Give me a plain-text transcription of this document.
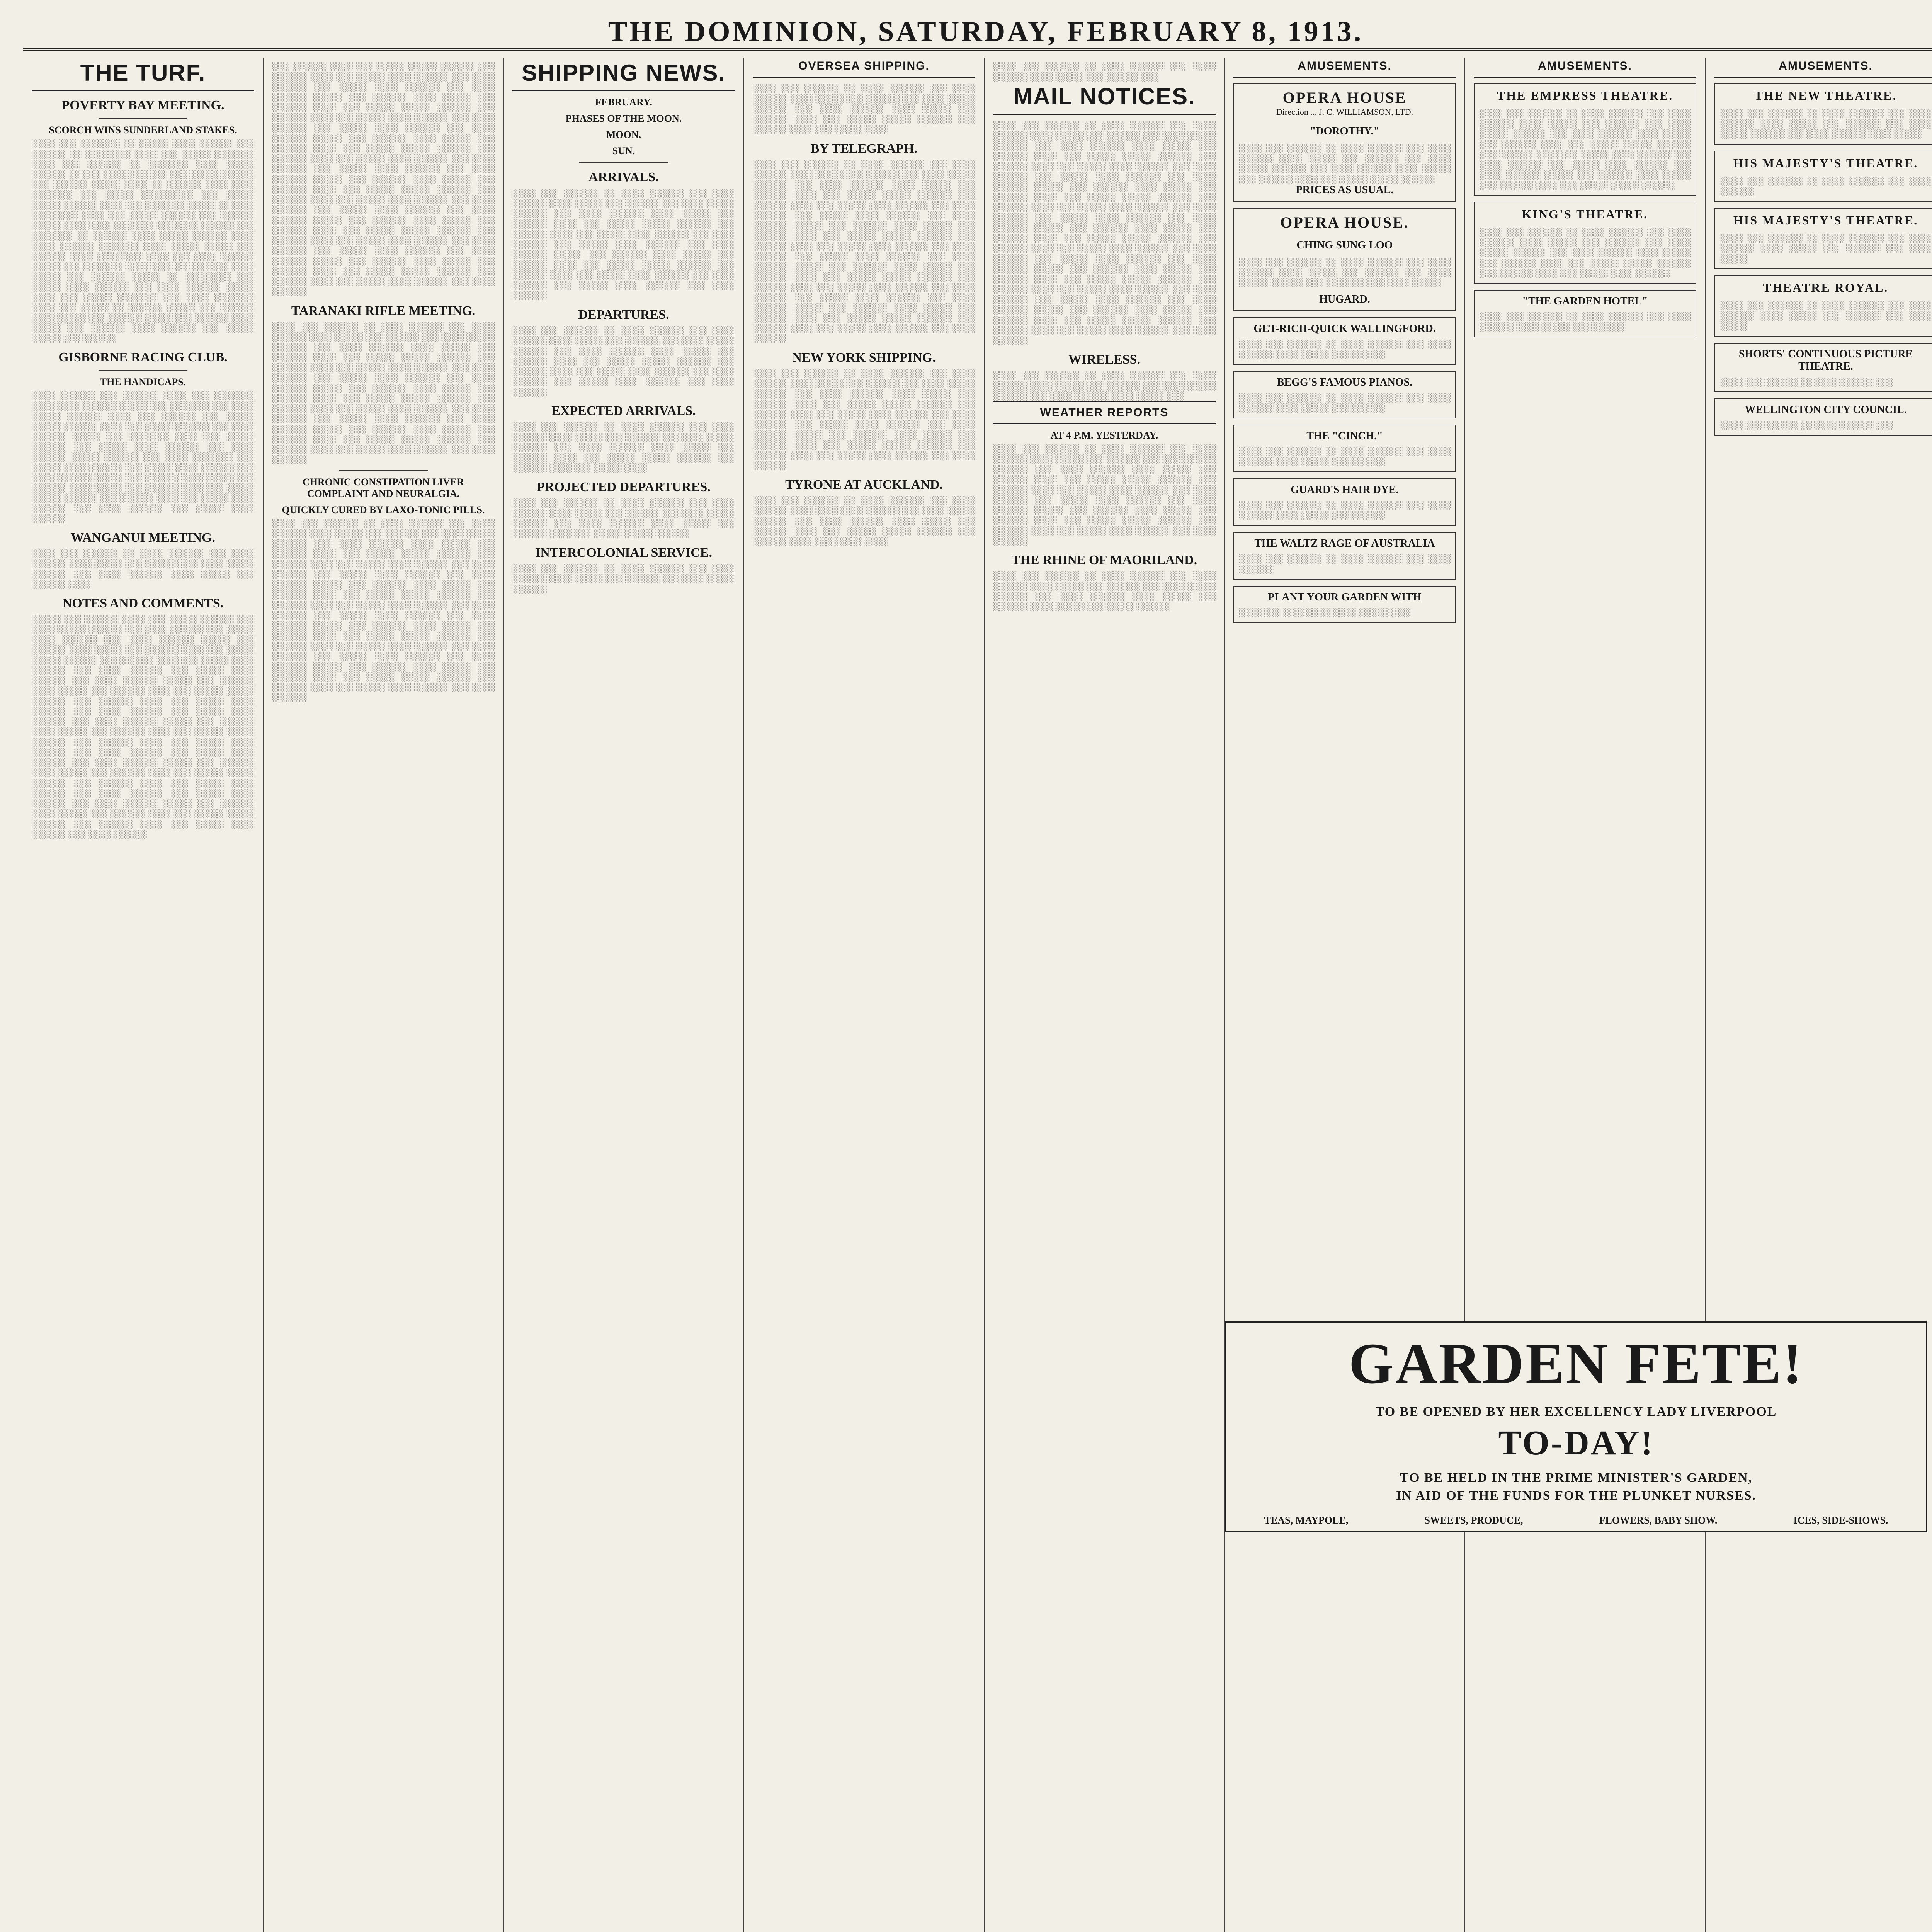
THE DOMINION, SATURDAY, FEBRUARY 8, 1913.
THE TURF.
POVERTY BAY MEETING.
SCORCH WINS SUNDERLAND STAKES.
░░░░ ░░░ ░░░░░░░ ░░ ░░░░░ ░░░░ ░░░░░░ ░░░ ░░░░░░ ░░ ░░░░░░░░ ░░░░ ░░░ ░░░░░ ░░░░░░░ ░░░░ ░░░ ░░░░░░ ░░ ░░░░░░░ ░░░░ ░░░░░ ░░░░░░ ░░ ░░░ ░░░░░░░░ ░░░ ░░░ ░░░░░ ░░░░░░ ░░░ ░░░░░░ ░░░░░ ░░░░ ░░ ░░░░░░ ░░░░ ░░░░ ░░░░░░░ ░░░ ░░░░░ ░░░░░░░░░ ░░░ ░░░░░ ░░░░░ ░░░░░░ ░░░░ ░░░ ░░░░░░░ ░░░░░ ░░ ░░░░ ░░░░░░░░ ░░░░ ░░░ ░░░░░ ░░░░░░ ░░░ ░░░░░░ ░░░░░ ░░░░ ░░░░ ░░░░░░░ ░░░ ░░░░ ░░░░░░ ░░░ ░░░░░░░ ░░ ░░░░░░ ░░░░ ░░░░░ ░░░░░░ ░░░░ ░░░░ ░░░░░░ ░░░░░░░ ░░░░ ░░░░░ ░░░░░ ░░░ ░░░░░░ ░░░░ ░░░░░░░░ ░░░░ ░░░ ░░░░ ░░░░░░ ░░░░░ ░░░ ░░░░░░░ ░░░░ ░░░░ ░░ ░░░░░░░ ░░░░ ░░░░░ ░░░ ░░░░░░ ░░░░░ ░░ ░░░░░░░░ ░░░ ░░░░░ ░░░░ ░░░░░░ ░░░ ░░░░ ░░░░░░ ░░░░░ ░░░░ ░░░ ░░░░░ ░░░░░░░ ░░░ ░░░░ ░░░░░░░ ░░░░ ░░░ ░░░░░ ░░ ░░░░░░ ░░░░░ ░░░ ░░░░░░ ░░░░ ░░░░░ ░░░ ░░░░░░ ░░░░░ ░░░ ░░░░░░ ░░░░ ░░░░░ ░░░ ░░░░░░ ░░░░ ░░░░░░ ░░░ ░░░░░ ░░░░░ ░░░ ░░░░░░
GISBORNE RACING CLUB.
THE HANDICAPS.
░░░░ ░░░░░░ ░░░ ░░░░░░ ░░░░ ░░░ ░░░░░░░ ░░░░ ░░░░ ░░░░░░ ░░░░░ ░░░ ░░░░░░░ ░░░ ░░░░ ░░░░░ ░░░░░░ ░░░░ ░░░ ░░░░░░ ░░░ ░░░░░ ░░░░░ ░░░░░░ ░░░░ ░░░ ░░░░░ ░░░░░░ ░░░ ░░░░ ░░░░░░ ░░░░░ ░░░ ░░░░░░░ ░░░░ ░░░ ░░░░░ ░░░░░░ ░░░ ░░░░░ ░░░░ ░░░░░░ ░░░ ░░░░ ░░░░░░ ░░░░░ ░░░░░░ ░░░ ░░░░ ░░░░░░░ ░░░ ░░░░░ ░░░░ ░░░░░░ ░░░ ░░░░░ ░░░░ ░░░░░░ ░░░ ░░░░ ░░░░░░ ░░░░░ ░░░ ░░░░░░ ░░░░ ░░░░░ ░░░ ░░░░░░ ░░░░ ░░░░░ ░░░ ░░░░░░ ░░░░ ░░░ ░░░░░ ░░░░░ ░░░░░░ ░░░ ░░░░░░ ░░░░ ░░░ ░░░░░ ░░░░ ░░░░░░ ░░░ ░░░░ ░░░░░░ ░░░ ░░░░░ ░░░░ ░░░░░░
WANGANUI MEETING.
░░░░ ░░░ ░░░░░░ ░░ ░░░░ ░░░░░░ ░░░ ░░░░ ░░░░░░ ░░░░ ░░░░░ ░░░ ░░░░░░ ░░░ ░░░░ ░░░░░ ░░░░░░ ░░░ ░░░░ ░░░░░░ ░░░░ ░░░░░ ░░░ ░░░░░░ ░░░░
NOTES AND COMMENTS.
░░░░░ ░░░ ░░░░░░ ░░░░ ░░░ ░░░░░ ░░░░░░ ░░░ ░░░░ ░░░░░ ░░░░░░ ░░░ ░░░░ ░░░░░░ ░░░ ░░░░░ ░░░░ ░░░░░░ ░░░ ░░░░ ░░░░░░ ░░░░░ ░░░ ░░░░░░ ░░░░ ░░░░░ ░░░ ░░░░░░ ░░░░ ░░░ ░░░░░ ░░░░░ ░░░░░░ ░░░ ░░░░░░ ░░░░ ░░░ ░░░░░ ░░░░ ░░░░░░ ░░░ ░░░░ ░░░░░░ ░░░ ░░░░░ ░░░░ ░░░░░░ ░░░ ░░░░ ░░░░░░ ░░░░░ ░░░ ░░░░░░ ░░░░ ░░░░░ ░░░ ░░░░░░ ░░░░ ░░░ ░░░░░ ░░░░░ ░░░░░░ ░░░ ░░░░░░ ░░░░ ░░░ ░░░░░ ░░░░ ░░░░░░ ░░░ ░░░░ ░░░░░░ ░░░ ░░░░░ ░░░░ ░░░░░░ ░░░ ░░░░ ░░░░░░ ░░░░░ ░░░ ░░░░░░ ░░░░ ░░░░░ ░░░ ░░░░░░ ░░░░ ░░░ ░░░░░ ░░░░░ ░░░░░░ ░░░ ░░░░░░ ░░░░ ░░░ ░░░░░ ░░░░ ░░░░░░ ░░░ ░░░░ ░░░░░░ ░░░ ░░░░░ ░░░░ ░░░░░░ ░░░ ░░░░ ░░░░░░ ░░░░░ ░░░ ░░░░░░ ░░░░ ░░░░░ ░░░ ░░░░░░ ░░░░ ░░░ ░░░░░ ░░░░░ ░░░░░░ ░░░ ░░░░░░ ░░░░ ░░░ ░░░░░ ░░░░ ░░░░░░ ░░░ ░░░░ ░░░░░░ ░░░ ░░░░░ ░░░░ ░░░░░░ ░░░ ░░░░ ░░░░░░ ░░░░░ ░░░ ░░░░░░ ░░░░ ░░░░░ ░░░ ░░░░░░ ░░░░ ░░░ ░░░░░ ░░░░░ ░░░░░░ ░░░ ░░░░░░ ░░░░ ░░░ ░░░░░ ░░░░ ░░░░░░ ░░░ ░░░░ ░░░░░░
░░░ ░░░░░░ ░░░░ ░░░ ░░░░░ ░░░░░ ░░░░░░ ░░░ ░░░░░░ ░░░░ ░░░ ░░░░░ ░░░░ ░░░░░░ ░░░ ░░░░ ░░░░░░ ░░░ ░░░░░ ░░░░ ░░░░░░ ░░░ ░░░░ ░░░░░░ ░░░░░ ░░░ ░░░░░░ ░░░░ ░░░░░ ░░░ ░░░░░░ ░░░░ ░░░ ░░░░░ ░░░░░ ░░░░░░ ░░░ ░░░░░░ ░░░░ ░░░ ░░░░░ ░░░░ ░░░░░░ ░░░ ░░░░ ░░░░░░ ░░░ ░░░░░ ░░░░ ░░░░░░ ░░░ ░░░░ ░░░░░░ ░░░░░ ░░░ ░░░░░░ ░░░░ ░░░░░ ░░░ ░░░░░░ ░░░░ ░░░ ░░░░░ ░░░░░ ░░░░░░ ░░░ ░░░░░░ ░░░░ ░░░ ░░░░░ ░░░░ ░░░░░░ ░░░ ░░░░ ░░░░░░ ░░░ ░░░░░ ░░░░ ░░░░░░ ░░░ ░░░░ ░░░░░░ ░░░░░ ░░░ ░░░░░░ ░░░░ ░░░░░ ░░░ ░░░░░░ ░░░░ ░░░ ░░░░░ ░░░░░ ░░░░░░ ░░░ ░░░░░░ ░░░░ ░░░ ░░░░░ ░░░░ ░░░░░░ ░░░ ░░░░ ░░░░░░ ░░░ ░░░░░ ░░░░ ░░░░░░ ░░░ ░░░░ ░░░░░░ ░░░░░ ░░░ ░░░░░░ ░░░░ ░░░░░ ░░░ ░░░░░░ ░░░░ ░░░ ░░░░░ ░░░░░ ░░░░░░ ░░░ ░░░░░░ ░░░░ ░░░ ░░░░░ ░░░░ ░░░░░░ ░░░ ░░░░ ░░░░░░ ░░░ ░░░░░ ░░░░ ░░░░░░ ░░░ ░░░░ ░░░░░░ ░░░░░ ░░░ ░░░░░░ ░░░░ ░░░░░ ░░░ ░░░░░░ ░░░░ ░░░ ░░░░░ ░░░░░ ░░░░░░ ░░░ ░░░░░░ ░░░░ ░░░ ░░░░░ ░░░░ ░░░░░░ ░░░ ░░░░ ░░░░░░
TARANAKI RIFLE MEETING.
░░░░ ░░░ ░░░░░░ ░░ ░░░░ ░░░░░░ ░░░ ░░░░ ░░░░░░ ░░░░ ░░░░░ ░░░ ░░░░░░ ░░░ ░░░░ ░░░░░ ░░░░░░ ░░░ ░░░░ ░░░░░░ ░░░░ ░░░░░ ░░░ ░░░░░░ ░░░░ ░░░ ░░░░░ ░░░░░ ░░░░░░ ░░░ ░░░░░░ ░░░░ ░░░ ░░░░░ ░░░░ ░░░░░░ ░░░ ░░░░ ░░░░░░ ░░░ ░░░░░ ░░░░ ░░░░░░ ░░░ ░░░░ ░░░░░░ ░░░░░ ░░░ ░░░░░░ ░░░░ ░░░░░ ░░░ ░░░░░░ ░░░░ ░░░ ░░░░░ ░░░░░ ░░░░░░ ░░░ ░░░░░░ ░░░░ ░░░ ░░░░░ ░░░░ ░░░░░░ ░░░ ░░░░ ░░░░░░ ░░░ ░░░░░ ░░░░ ░░░░░░ ░░░ ░░░░ ░░░░░░ ░░░░░ ░░░ ░░░░░░ ░░░░ ░░░░░ ░░░ ░░░░░░ ░░░░ ░░░ ░░░░░ ░░░░░ ░░░░░░ ░░░ ░░░░░░ ░░░░ ░░░ ░░░░░ ░░░░ ░░░░░░ ░░░ ░░░░ ░░░░░░
CHRONIC CONSTIPATION LIVER COMPLAINT AND NEURALGIA.
QUICKLY CURED BY LAXO-TONIC PILLS.
░░░░ ░░░ ░░░░░░ ░░ ░░░░ ░░░░░░ ░░░ ░░░░ ░░░░░░ ░░░░ ░░░░░ ░░░ ░░░░░░ ░░░ ░░░░ ░░░░░ ░░░░░░ ░░░ ░░░░ ░░░░░░ ░░░░ ░░░░░ ░░░ ░░░░░░ ░░░░ ░░░ ░░░░░ ░░░░░ ░░░░░░ ░░░ ░░░░░░ ░░░░ ░░░ ░░░░░ ░░░░ ░░░░░░ ░░░ ░░░░ ░░░░░░ ░░░ ░░░░░ ░░░░ ░░░░░░ ░░░ ░░░░ ░░░░░░ ░░░░░ ░░░ ░░░░░░ ░░░░ ░░░░░ ░░░ ░░░░░░ ░░░░ ░░░ ░░░░░ ░░░░░ ░░░░░░ ░░░ ░░░░░░ ░░░░ ░░░ ░░░░░ ░░░░ ░░░░░░ ░░░ ░░░░ ░░░░░░ ░░░ ░░░░░ ░░░░ ░░░░░░ ░░░ ░░░░ ░░░░░░ ░░░░░ ░░░ ░░░░░░ ░░░░ ░░░░░ ░░░ ░░░░░░ ░░░░ ░░░ ░░░░░ ░░░░░ ░░░░░░ ░░░ ░░░░░░ ░░░░ ░░░ ░░░░░ ░░░░ ░░░░░░ ░░░ ░░░░ ░░░░░░ ░░░ ░░░░░ ░░░░ ░░░░░░ ░░░ ░░░░ ░░░░░░ ░░░░░ ░░░ ░░░░░░ ░░░░ ░░░░░ ░░░ ░░░░░░ ░░░░ ░░░ ░░░░░ ░░░░░ ░░░░░░ ░░░ ░░░░░░ ░░░░ ░░░ ░░░░░ ░░░░ ░░░░░░ ░░░ ░░░░ ░░░░░░
SHIPPING NEWS.
FEBRUARY.
PHASES OF THE MOON.
MOON.
SUN.
ARRIVALS.
░░░░ ░░░ ░░░░░░ ░░ ░░░░ ░░░░░░ ░░░ ░░░░ ░░░░░░ ░░░░ ░░░░░ ░░░ ░░░░░░ ░░░ ░░░░ ░░░░░ ░░░░░░ ░░░ ░░░░ ░░░░░░ ░░░░ ░░░░░ ░░░ ░░░░░░ ░░░░ ░░░ ░░░░░ ░░░░░ ░░░░░░ ░░░ ░░░░░░ ░░░░ ░░░ ░░░░░ ░░░░ ░░░░░░ ░░░ ░░░░ ░░░░░░ ░░░ ░░░░░ ░░░░ ░░░░░░ ░░░ ░░░░ ░░░░░░ ░░░░░ ░░░ ░░░░░░ ░░░░ ░░░░░ ░░░ ░░░░░░ ░░░░ ░░░ ░░░░░ ░░░░░ ░░░░░░ ░░░ ░░░░░░ ░░░░ ░░░ ░░░░░ ░░░░ ░░░░░░ ░░░ ░░░░ ░░░░░░ ░░░ ░░░░░ ░░░░ ░░░░░░ ░░░ ░░░░ ░░░░░░
DEPARTURES.
░░░░ ░░░ ░░░░░░ ░░ ░░░░ ░░░░░░ ░░░ ░░░░ ░░░░░░ ░░░░ ░░░░░ ░░░ ░░░░░░ ░░░ ░░░░ ░░░░░ ░░░░░░ ░░░ ░░░░ ░░░░░░ ░░░░ ░░░░░ ░░░ ░░░░░░ ░░░░ ░░░ ░░░░░ ░░░░░ ░░░░░░ ░░░ ░░░░░░ ░░░░ ░░░ ░░░░░ ░░░░ ░░░░░░ ░░░ ░░░░ ░░░░░░ ░░░ ░░░░░ ░░░░ ░░░░░░ ░░░ ░░░░ ░░░░░░
EXPECTED ARRIVALS.
░░░░ ░░░ ░░░░░░ ░░ ░░░░ ░░░░░░ ░░░ ░░░░ ░░░░░░ ░░░░ ░░░░░ ░░░ ░░░░░░ ░░░ ░░░░ ░░░░░ ░░░░░░ ░░░ ░░░░ ░░░░░░ ░░░░ ░░░░░ ░░░ ░░░░░░ ░░░░ ░░░ ░░░░░ ░░░░░ ░░░░░░ ░░░ ░░░░░░ ░░░░ ░░░ ░░░░░ ░░░░
PROJECTED DEPARTURES.
░░░░ ░░░ ░░░░░░ ░░ ░░░░ ░░░░░░ ░░░ ░░░░ ░░░░░░ ░░░░ ░░░░░ ░░░ ░░░░░░ ░░░ ░░░░ ░░░░░ ░░░░░░ ░░░ ░░░░ ░░░░░░ ░░░░ ░░░░░ ░░░ ░░░░░░ ░░░░ ░░░ ░░░░░ ░░░░░ ░░░░░░
INTERCOLONIAL SERVICE.
░░░░ ░░░ ░░░░░░ ░░ ░░░░ ░░░░░░ ░░░ ░░░░ ░░░░░░ ░░░░ ░░░░░ ░░░ ░░░░░░ ░░░ ░░░░ ░░░░░ ░░░░░░
OVERSEA SHIPPING.
░░░░ ░░░ ░░░░░░ ░░ ░░░░ ░░░░░░ ░░░ ░░░░ ░░░░░░ ░░░░ ░░░░░ ░░░ ░░░░░░ ░░░ ░░░░ ░░░░░ ░░░░░░ ░░░ ░░░░ ░░░░░░ ░░░░ ░░░░░ ░░░ ░░░░░░ ░░░░ ░░░ ░░░░░ ░░░░░ ░░░░░░ ░░░ ░░░░░░ ░░░░ ░░░ ░░░░░ ░░░░
BY TELEGRAPH.
░░░░ ░░░ ░░░░░░ ░░ ░░░░ ░░░░░░ ░░░ ░░░░ ░░░░░░ ░░░░ ░░░░░ ░░░ ░░░░░░ ░░░ ░░░░ ░░░░░ ░░░░░░ ░░░ ░░░░ ░░░░░░ ░░░░ ░░░░░ ░░░ ░░░░░░ ░░░░ ░░░ ░░░░░ ░░░░░ ░░░░░░ ░░░ ░░░░░░ ░░░░ ░░░ ░░░░░ ░░░░ ░░░░░░ ░░░ ░░░░ ░░░░░░ ░░░ ░░░░░ ░░░░ ░░░░░░ ░░░ ░░░░ ░░░░░░ ░░░░░ ░░░ ░░░░░░ ░░░░ ░░░░░ ░░░ ░░░░░░ ░░░░ ░░░ ░░░░░ ░░░░░ ░░░░░░ ░░░ ░░░░░░ ░░░░ ░░░ ░░░░░ ░░░░ ░░░░░░ ░░░ ░░░░ ░░░░░░ ░░░ ░░░░░ ░░░░ ░░░░░░ ░░░ ░░░░ ░░░░░░ ░░░░░ ░░░ ░░░░░░ ░░░░ ░░░░░ ░░░ ░░░░░░ ░░░░ ░░░ ░░░░░ ░░░░░ ░░░░░░ ░░░ ░░░░░░ ░░░░ ░░░ ░░░░░ ░░░░ ░░░░░░ ░░░ ░░░░ ░░░░░░ ░░░ ░░░░░ ░░░░ ░░░░░░ ░░░ ░░░░ ░░░░░░ ░░░░░ ░░░ ░░░░░░ ░░░░ ░░░░░ ░░░ ░░░░░░ ░░░░ ░░░ ░░░░░ ░░░░░ ░░░░░░ ░░░ ░░░░░░ ░░░░ ░░░ ░░░░░ ░░░░ ░░░░░░ ░░░ ░░░░ ░░░░░░
NEW YORK SHIPPING.
░░░░ ░░░ ░░░░░░ ░░ ░░░░ ░░░░░░ ░░░ ░░░░ ░░░░░░ ░░░░ ░░░░░ ░░░ ░░░░░░ ░░░ ░░░░ ░░░░░ ░░░░░░ ░░░ ░░░░ ░░░░░░ ░░░░ ░░░░░ ░░░ ░░░░░░ ░░░░ ░░░ ░░░░░ ░░░░░ ░░░░░░ ░░░ ░░░░░░ ░░░░ ░░░ ░░░░░ ░░░░ ░░░░░░ ░░░ ░░░░ ░░░░░░ ░░░ ░░░░░ ░░░░ ░░░░░░ ░░░ ░░░░ ░░░░░░ ░░░░░ ░░░ ░░░░░░ ░░░░ ░░░░░ ░░░ ░░░░░░ ░░░░ ░░░ ░░░░░ ░░░░░ ░░░░░░ ░░░ ░░░░░░ ░░░░ ░░░ ░░░░░ ░░░░ ░░░░░░ ░░░ ░░░░ ░░░░░░
TYRONE AT AUCKLAND.
░░░░ ░░░ ░░░░░░ ░░ ░░░░ ░░░░░░ ░░░ ░░░░ ░░░░░░ ░░░░ ░░░░░ ░░░ ░░░░░░ ░░░ ░░░░ ░░░░░ ░░░░░░ ░░░ ░░░░ ░░░░░░ ░░░░ ░░░░░ ░░░ ░░░░░░ ░░░░ ░░░ ░░░░░ ░░░░░ ░░░░░░ ░░░ ░░░░░░ ░░░░ ░░░ ░░░░░ ░░░░
░░░░ ░░░ ░░░░░░ ░░ ░░░░ ░░░░░░ ░░░ ░░░░ ░░░░░░ ░░░░ ░░░░░ ░░░ ░░░░░░ ░░░
MAIL NOTICES.
░░░░ ░░░ ░░░░░░ ░░ ░░░░ ░░░░░░ ░░░ ░░░░ ░░░░░░ ░░░░ ░░░░░ ░░░ ░░░░░░ ░░░ ░░░░ ░░░░░ ░░░░░░ ░░░ ░░░░ ░░░░░░ ░░░░ ░░░░░ ░░░ ░░░░░░ ░░░░ ░░░ ░░░░░ ░░░░░ ░░░░░░ ░░░ ░░░░░░ ░░░░ ░░░ ░░░░░ ░░░░ ░░░░░░ ░░░ ░░░░ ░░░░░░ ░░░ ░░░░░ ░░░░ ░░░░░░ ░░░ ░░░░ ░░░░░░ ░░░░░ ░░░ ░░░░░░ ░░░░ ░░░░░ ░░░ ░░░░░░ ░░░░ ░░░ ░░░░░ ░░░░░ ░░░░░░ ░░░ ░░░░░░ ░░░░ ░░░ ░░░░░ ░░░░ ░░░░░░ ░░░ ░░░░ ░░░░░░ ░░░ ░░░░░ ░░░░ ░░░░░░ ░░░ ░░░░ ░░░░░░ ░░░░░ ░░░ ░░░░░░ ░░░░ ░░░░░ ░░░ ░░░░░░ ░░░░ ░░░ ░░░░░ ░░░░░ ░░░░░░ ░░░ ░░░░░░ ░░░░ ░░░ ░░░░░ ░░░░ ░░░░░░ ░░░ ░░░░ ░░░░░░ ░░░ ░░░░░ ░░░░ ░░░░░░ ░░░ ░░░░ ░░░░░░ ░░░░░ ░░░ ░░░░░░ ░░░░ ░░░░░ ░░░ ░░░░░░ ░░░░ ░░░ ░░░░░ ░░░░░ ░░░░░░ ░░░ ░░░░░░ ░░░░ ░░░ ░░░░░ ░░░░ ░░░░░░ ░░░ ░░░░ ░░░░░░ ░░░ ░░░░░ ░░░░ ░░░░░░ ░░░ ░░░░ ░░░░░░ ░░░░░ ░░░ ░░░░░░ ░░░░ ░░░░░ ░░░ ░░░░░░ ░░░░ ░░░ ░░░░░ ░░░░░ ░░░░░░ ░░░ ░░░░░░ ░░░░ ░░░ ░░░░░ ░░░░ ░░░░░░ ░░░ ░░░░ ░░░░░░
WIRELESS.
░░░░ ░░░ ░░░░░░ ░░ ░░░░ ░░░░░░ ░░░ ░░░░ ░░░░░░ ░░░░ ░░░░░ ░░░ ░░░░░░ ░░░ ░░░░ ░░░░░ ░░░░░░ ░░░ ░░░░ ░░░░░░ ░░░░ ░░░░░ ░░░
WEATHER REPORTS
AT 4 P.M. YESTERDAY.
░░░░ ░░░ ░░░░░░ ░░ ░░░░ ░░░░░░ ░░░ ░░░░ ░░░░░░ ░░░░ ░░░░░ ░░░ ░░░░░░ ░░░ ░░░░ ░░░░░ ░░░░░░ ░░░ ░░░░ ░░░░░░ ░░░░ ░░░░░ ░░░ ░░░░░░ ░░░░ ░░░ ░░░░░ ░░░░░ ░░░░░░ ░░░ ░░░░░░ ░░░░ ░░░ ░░░░░ ░░░░ ░░░░░░ ░░░ ░░░░ ░░░░░░ ░░░ ░░░░░ ░░░░ ░░░░░░ ░░░ ░░░░ ░░░░░░ ░░░░░ ░░░ ░░░░░░ ░░░░ ░░░░░ ░░░ ░░░░░░ ░░░░ ░░░ ░░░░░ ░░░░░ ░░░░░░ ░░░ ░░░░░░ ░░░░ ░░░ ░░░░░ ░░░░ ░░░░░░ ░░░ ░░░░ ░░░░░░
THE RHINE OF MAORILAND.
░░░░ ░░░ ░░░░░░ ░░ ░░░░ ░░░░░░ ░░░ ░░░░ ░░░░░░ ░░░░ ░░░░░ ░░░ ░░░░░░ ░░░ ░░░░ ░░░░░ ░░░░░░ ░░░ ░░░░ ░░░░░░ ░░░░ ░░░░░ ░░░ ░░░░░░ ░░░░ ░░░ ░░░░░ ░░░░░ ░░░░░░
AMUSEMENTS.
OPERA HOUSE
Direction ... J. C. WILLIAMSON, LTD.
"DOROTHY."
░░░░ ░░░ ░░░░░░ ░░ ░░░░ ░░░░░░ ░░░ ░░░░ ░░░░░░ ░░░░ ░░░░░ ░░░ ░░░░░░ ░░░ ░░░░ ░░░░░ ░░░░░░ ░░░ ░░░░ ░░░░░░ ░░░░ ░░░░░ ░░░ ░░░░░░ ░░░░ ░░░ ░░░░░ ░░░░░ ░░░░░░
PRICES AS USUAL.
OPERA HOUSE.
CHING SUNG LOO
░░░░ ░░░ ░░░░░░ ░░ ░░░░ ░░░░░░ ░░░ ░░░░ ░░░░░░ ░░░░ ░░░░░ ░░░ ░░░░░░ ░░░ ░░░░ ░░░░░ ░░░░░░ ░░░ ░░░░ ░░░░░░ ░░░░ ░░░░░
HUGARD.
GET-RICH-QUICK WALLINGFORD.
░░░░ ░░░ ░░░░░░ ░░ ░░░░ ░░░░░░ ░░░ ░░░░ ░░░░░░ ░░░░ ░░░░░ ░░░ ░░░░░░
BEGG'S FAMOUS PIANOS.
░░░░ ░░░ ░░░░░░ ░░ ░░░░ ░░░░░░ ░░░ ░░░░ ░░░░░░ ░░░░ ░░░░░ ░░░ ░░░░░░
THE "CINCH."
░░░░ ░░░ ░░░░░░ ░░ ░░░░ ░░░░░░ ░░░ ░░░░ ░░░░░░ ░░░░ ░░░░░ ░░░ ░░░░░░
GUARD'S HAIR DYE.
░░░░ ░░░ ░░░░░░ ░░ ░░░░ ░░░░░░ ░░░ ░░░░ ░░░░░░ ░░░░ ░░░░░ ░░░ ░░░░░░
THE WALTZ RAGE OF AUSTRALIA
░░░░ ░░░ ░░░░░░ ░░ ░░░░ ░░░░░░ ░░░ ░░░░ ░░░░░░
PLANT YOUR GARDEN WITH
░░░░ ░░░ ░░░░░░ ░░ ░░░░ ░░░░░░ ░░░
AMUSEMENTS.
THE EMPRESS THEATRE.
░░░░ ░░░ ░░░░░░ ░░ ░░░░ ░░░░░░ ░░░ ░░░░ ░░░░░░ ░░░░ ░░░░░ ░░░ ░░░░░░ ░░░ ░░░░ ░░░░░ ░░░░░░ ░░░ ░░░░ ░░░░░░ ░░░░ ░░░░░ ░░░ ░░░░░░ ░░░░ ░░░ ░░░░░ ░░░░░ ░░░░░░ ░░░ ░░░░░░ ░░░░ ░░░ ░░░░░ ░░░░ ░░░░░░ ░░░ ░░░░ ░░░░░░ ░░░ ░░░░░ ░░░░ ░░░░░░ ░░░ ░░░░ ░░░░░░ ░░░░░ ░░░ ░░░░░░ ░░░░ ░░░░░ ░░░ ░░░░░░ ░░░░ ░░░ ░░░░░ ░░░░░ ░░░░░░
KING'S THEATRE.
░░░░ ░░░ ░░░░░░ ░░ ░░░░ ░░░░░░ ░░░ ░░░░ ░░░░░░ ░░░░ ░░░░░ ░░░ ░░░░░░ ░░░ ░░░░ ░░░░░ ░░░░░░ ░░░ ░░░░ ░░░░░░ ░░░░ ░░░░░ ░░░ ░░░░░░ ░░░░ ░░░ ░░░░░ ░░░░░ ░░░░░░ ░░░ ░░░░░░ ░░░░ ░░░ ░░░░░ ░░░░ ░░░░░░
"THE GARDEN HOTEL"
░░░░ ░░░ ░░░░░░ ░░ ░░░░ ░░░░░░ ░░░ ░░░░ ░░░░░░ ░░░░ ░░░░░ ░░░ ░░░░░░
AMUSEMENTS.
THE NEW THEATRE.
░░░░ ░░░ ░░░░░░ ░░ ░░░░ ░░░░░░ ░░░ ░░░░ ░░░░░░ ░░░░ ░░░░░ ░░░ ░░░░░░ ░░░ ░░░░ ░░░░░ ░░░░░░ ░░░ ░░░░ ░░░░░░ ░░░░ ░░░░░
HIS MAJESTY'S THEATRE.
░░░░ ░░░ ░░░░░░ ░░ ░░░░ ░░░░░░ ░░░ ░░░░ ░░░░░░
HIS MAJESTY'S THEATRE.
░░░░ ░░░ ░░░░░░ ░░ ░░░░ ░░░░░░ ░░░ ░░░░ ░░░░░░ ░░░░ ░░░░░ ░░░ ░░░░░░ ░░░ ░░░░ ░░░░░
THEATRE ROYAL.
░░░░ ░░░ ░░░░░░ ░░ ░░░░ ░░░░░░ ░░░ ░░░░ ░░░░░░ ░░░░ ░░░░░ ░░░ ░░░░░░ ░░░ ░░░░ ░░░░░
SHORTS' CONTINUOUS PICTURE THEATRE.
░░░░ ░░░ ░░░░░░ ░░ ░░░░ ░░░░░░ ░░░
WELLINGTON CITY COUNCIL.
░░░░ ░░░ ░░░░░░ ░░ ░░░░ ░░░░░░ ░░░
GARDEN FETE!
TO BE OPENED BY HER EXCELLENCY LADY LIVERPOOL
TO-DAY!
TO BE HELD IN THE PRIME MINISTER'S GARDEN,
IN AID OF THE FUNDS FOR THE PLUNKET NURSES.
TEAS, MAYPOLE,	SWEETS, PRODUCE,	FLOWERS, BABY SHOW.	ICES, SIDE-SHOWS.
